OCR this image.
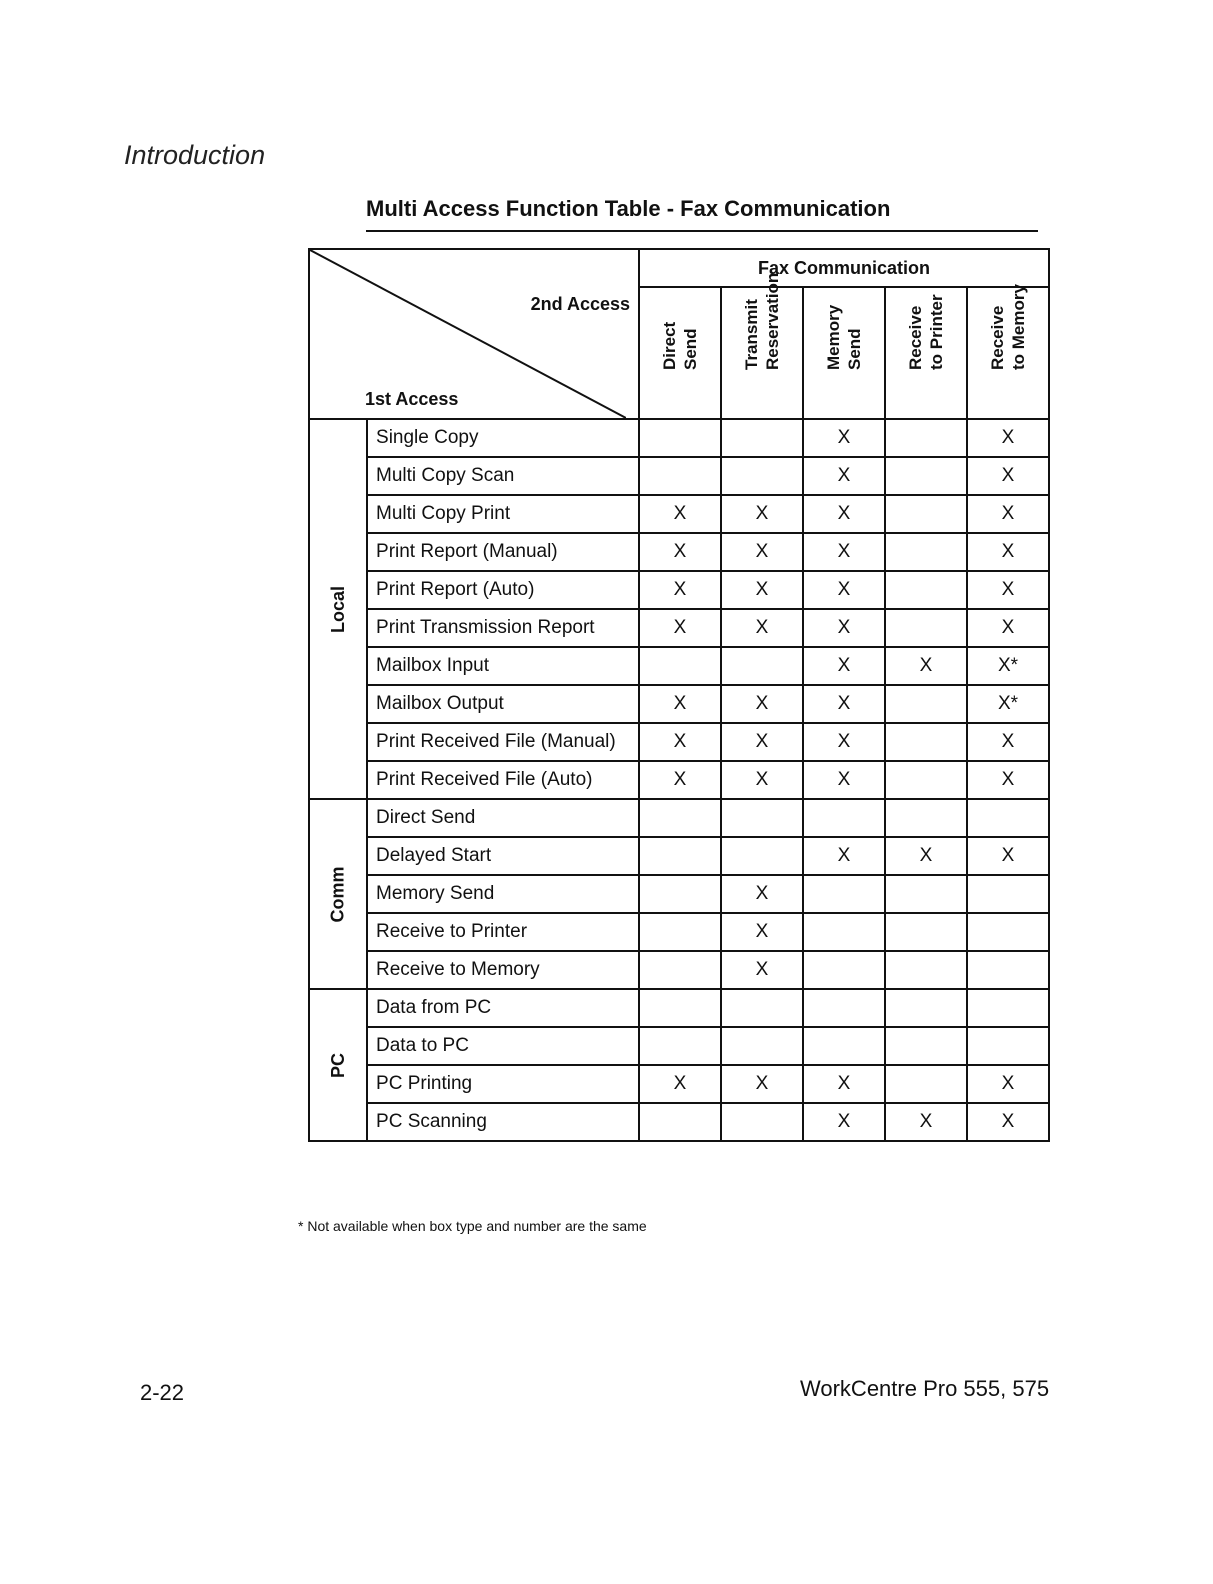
Introduction
Multi Access Function Table - Fax Communication
2nd Access
1st Access		Fax Communication				

		Direct Send	Transmit Reservation	Memory Send	Receive to Printer	Receive to Memory

Local	Single Copy			X		X
	Multi Copy Scan			X		X
	Multi Copy Print	X	X	X		X
	Print Report (Manual)	X	X	X		X
	Print Report (Auto)	X	X	X		X
	Print Transmission Report	X	X	X		X
	Mailbox Input			X	X	X*
	Mailbox Output	X	X	X		X*
	Print Received File (Manual)	X	X	X		X
	Print Received File (Auto)	X	X	X		X
Comm	Direct Send					
	Delayed Start			X	X	X
	Memory Send		X			
	Receive to Printer		X			
	Receive to Memory		X			
PC	Data from PC					
	Data to PC					
	PC Printing	X	X	X		X
	PC Scanning			X	X	X
* Not available when box type and number are the same
2-22	WorkCentre Pro 555, 575
